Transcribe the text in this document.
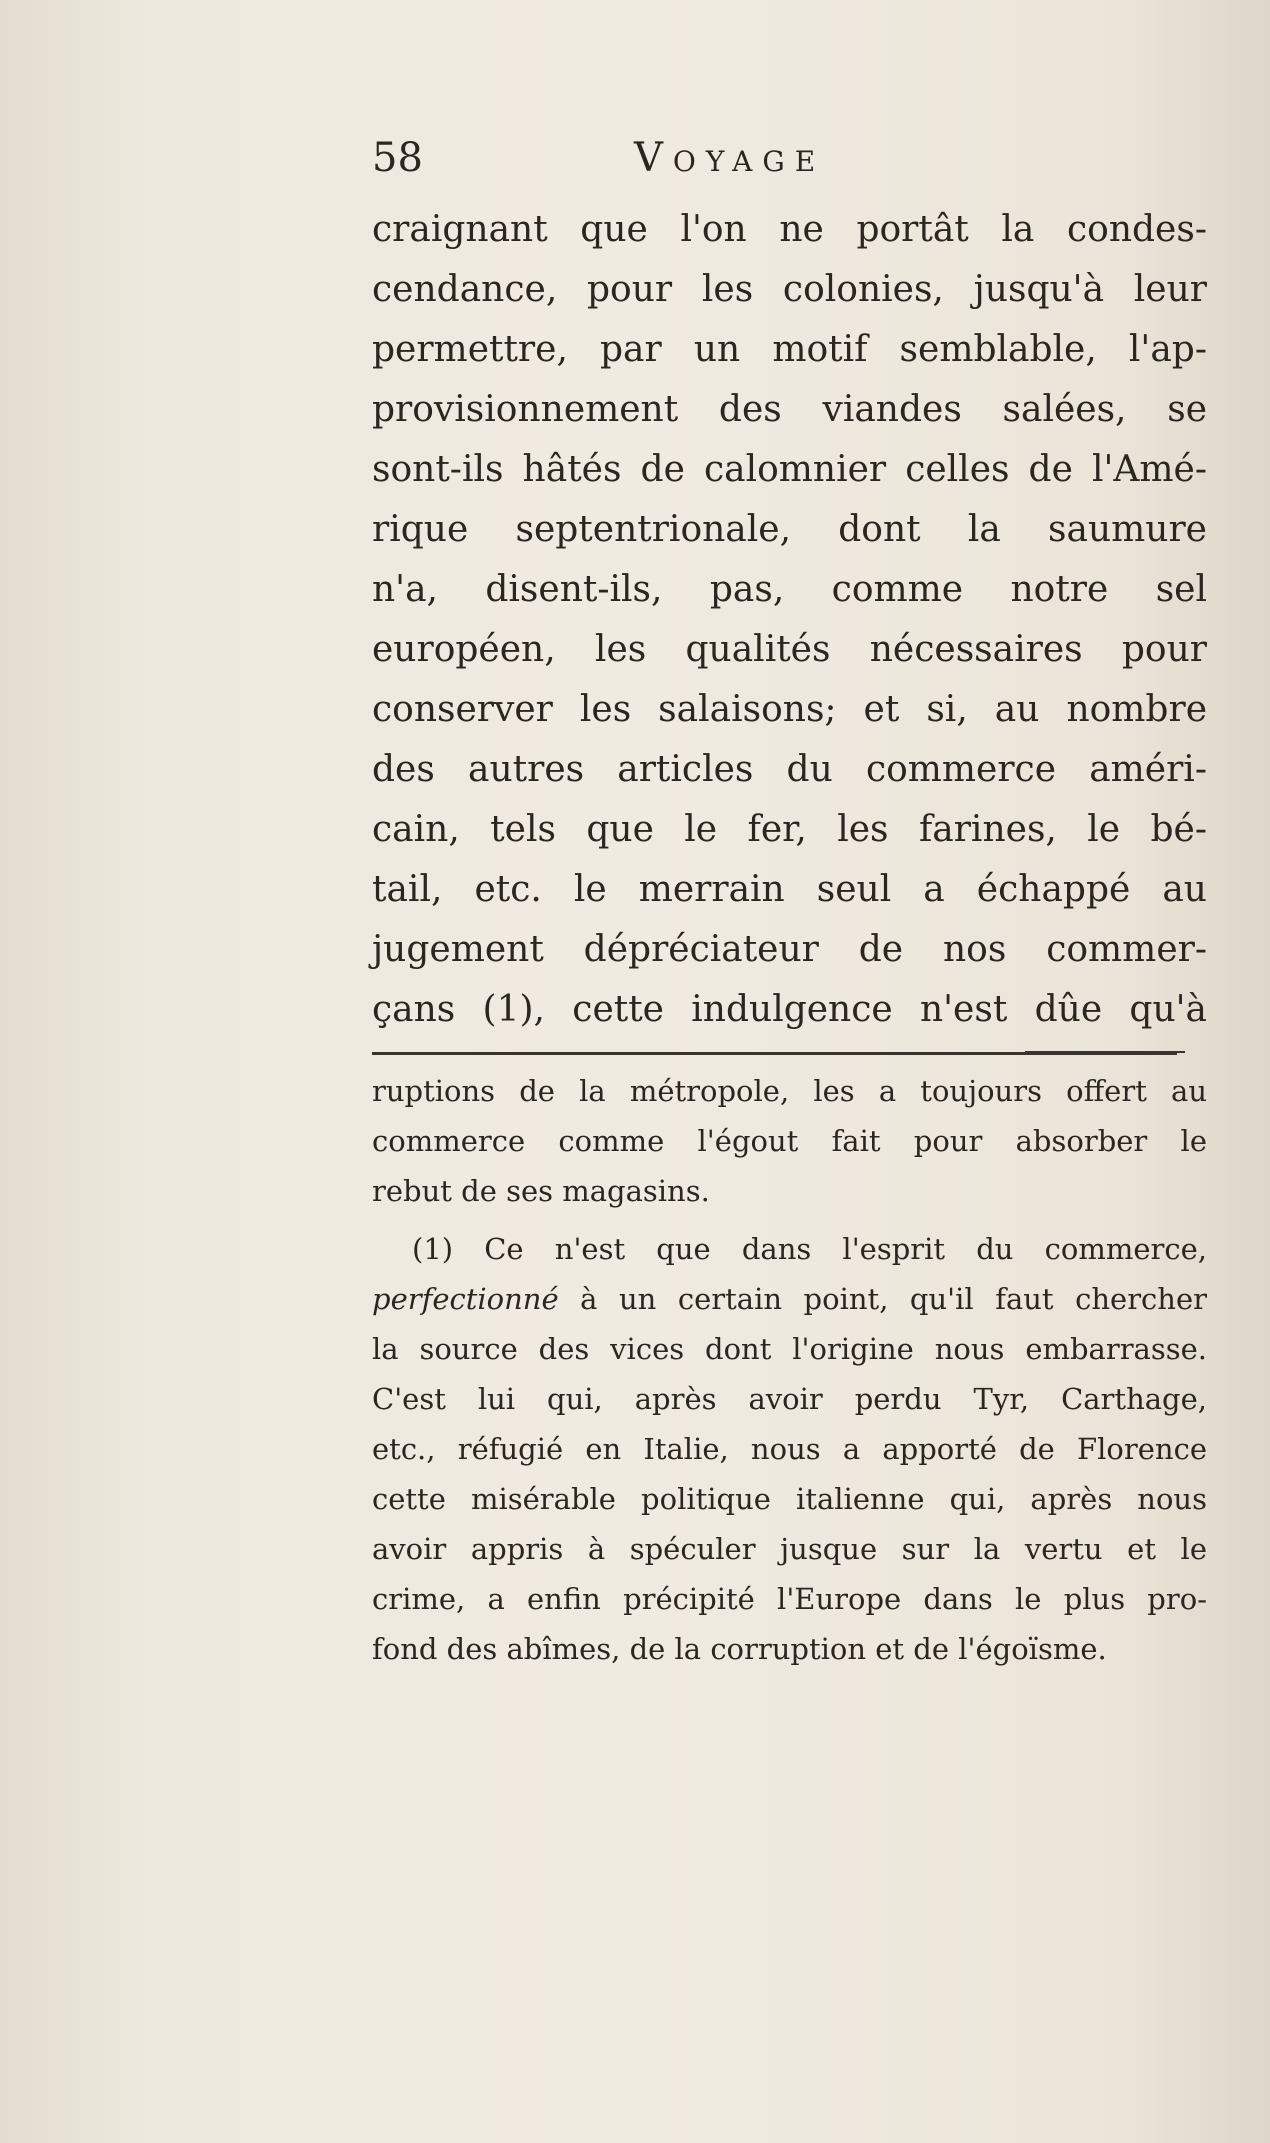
58	Voyage
craignant que l'on ne portât la condes-
cendance, pour les colonies, jusqu'à leur
permettre, par un motif semblable, l'ap-
provisionnement des viandes salées, se
sont-ils hâtés de calomnier celles de l'Amé-
rique septentrionale, dont la saumure
n'a, disent-ils, pas, comme notre sel
européen, les qualités nécessaires pour
conserver les salaisons; et si, au nombre
des autres articles du commerce améri-
cain, tels que le fer, les farines, le bé-
tail, etc. le merrain seul a échappé au
jugement dépréciateur de nos commer-
çans (1), cette indulgence n'est dûe qu'à
ruptions de la métropole, les a toujours offert au
commerce comme l'égout fait pour absorber le
rebut de ses magasins.
(1) Ce n'est que dans l'esprit du commerce,
perfectionné à un certain point, qu'il faut chercher
la source des vices dont l'origine nous embarrasse.
C'est lui qui, après avoir perdu Tyr, Carthage,
etc., réfugié en Italie, nous a apporté de Florence
cette misérable politique italienne qui, après nous
avoir appris à spéculer jusque sur la vertu et le
crime, a enfin précipité l'Europe dans le plus pro-
fond des abîmes, de la corruption et de l'égoïsme.
